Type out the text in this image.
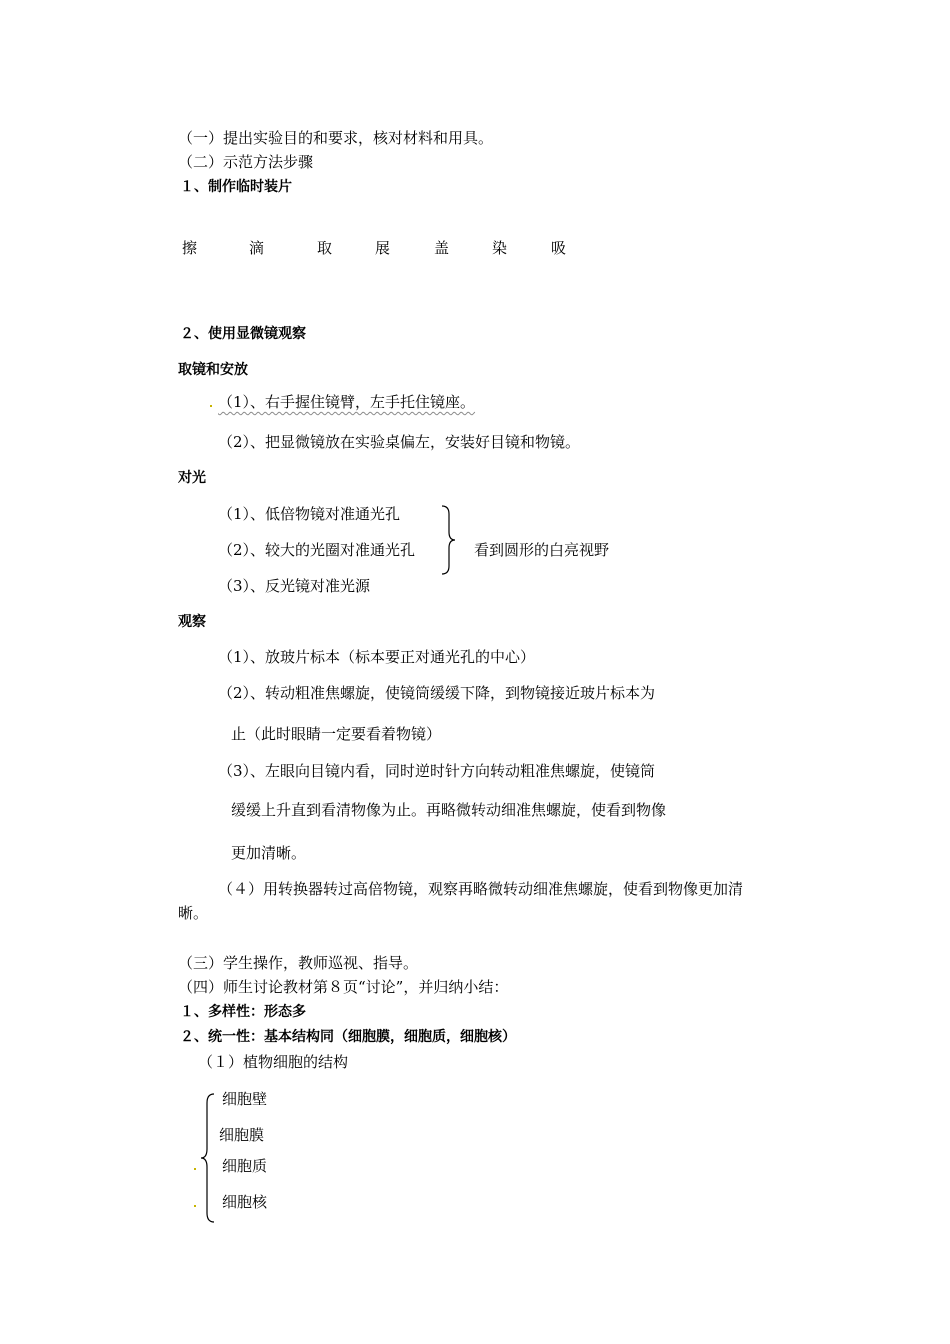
（一）提出实验目的和要求，核对材料和用具。
（二）示范方法步骤
１、制作临时装片
擦	滴	取	展	盖	染	吸
２、使用显微镜观察
取镜和安放
（1）、右手握住镜臂，左手托住镜座。
（2）、把显微镜放在实验桌偏左，安装好目镜和物镜。
对光
（1）、低倍物镜对准通光孔
（2）、较大的光圈对准通光孔
（3）、反光镜对准光源
看到圆形的白亮视野
观察
（1）、放玻片标本（标本要正对通光孔的中心）
（2）、转动粗准焦螺旋，使镜筒缓缓下降，到物镜接近玻片标本为
止（此时眼睛一定要看着物镜）
（3）、左眼向目镜内看，同时逆时针方向转动粗准焦螺旋，使镜筒
缓缓上升直到看清物像为止。再略微转动细准焦螺旋，使看到物像
更加清晰。
（４）用转换器转过高倍物镜，观察再略微转动细准焦螺旋，使看到物像更加清
晰。
（三）学生操作，教师巡视、指导。
（四）师生讨论教材第８页“讨论”，并归纳小结：
１、多样性：形态多
２、统一性：基本结构同（细胞膜，细胞质，细胞核）
（１）植物细胞的结构
细胞壁
细胞膜
细胞质
细胞核
